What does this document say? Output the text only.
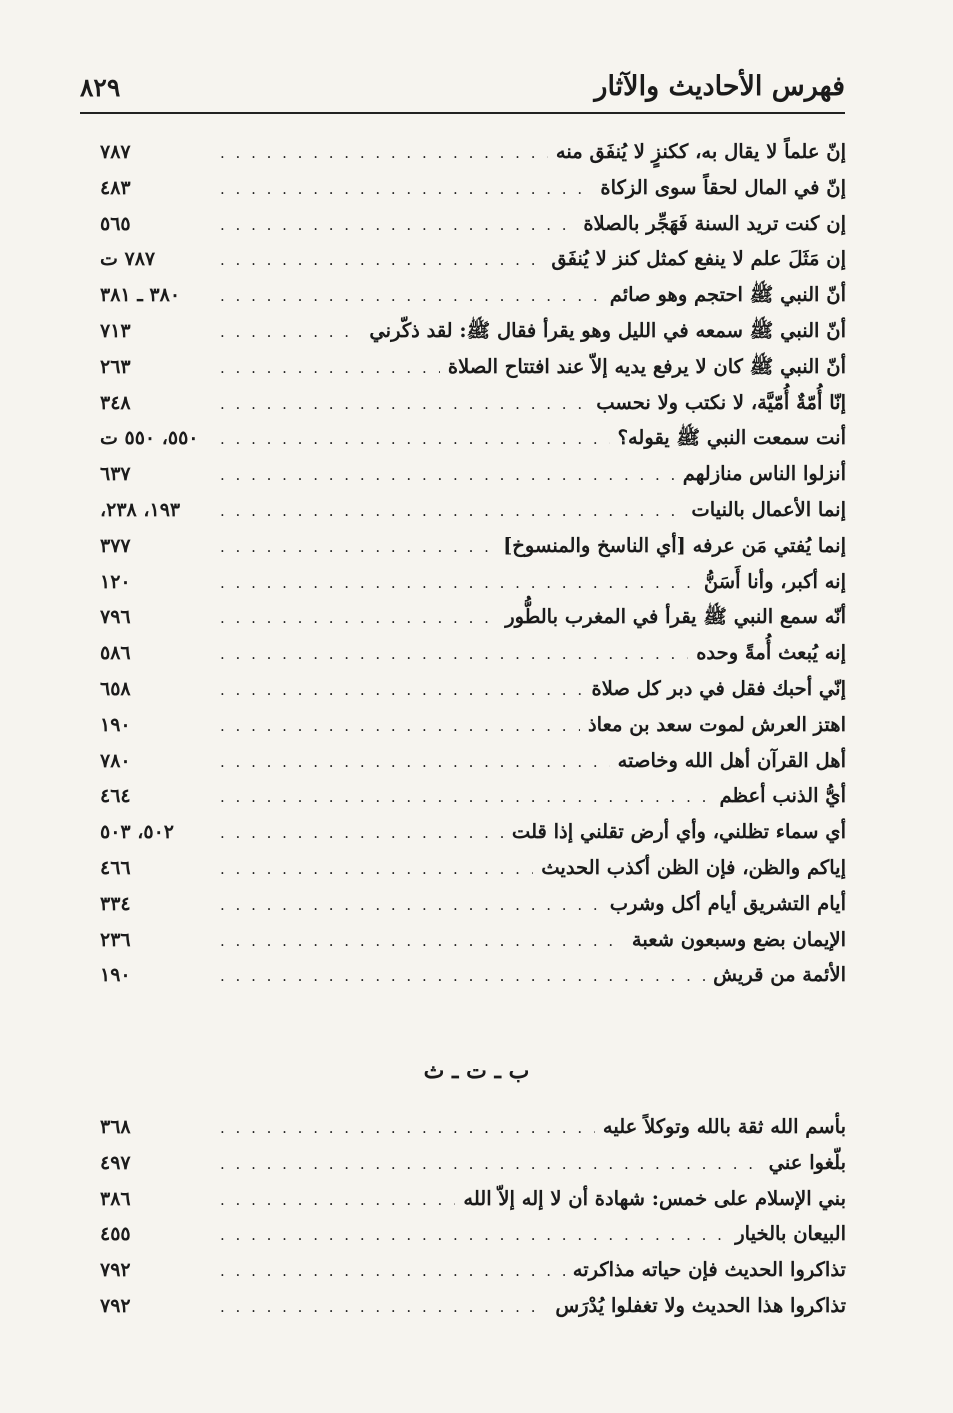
٨٢٩	فهرس الأحاديث والآثار
إنّ علماً لا يقال به، ككنزٍ لا يُنفَق منه
. . .
٧٨٧
إنّ في المال لحقاً سوى الزكاة
. . .
٤٨٣
إن كنت تريد السنة فَهَجِّر بالصلاة
. . .
٥٦٥
إن مَثَلَ علم لا ينفع كمثل كنز لا يُنفَق
. . .
٧٨٧ ت
أنّ النبي ﷺ احتجم وهو صائم
. . .
٣٨٠ ـ ٣٨١
أنّ النبي ﷺ سمعه في الليل وهو يقرأ فقال ﷺ: لقد ذكّرني
. . .
٧١٣
أنّ النبي ﷺ كان لا يرفع يديه إلاّ عند افتتاح الصلاة
. . .
٢٦٣
إنّا أُمّةٌ أُمّيَّة، لا نكتب ولا نحسب
. . .
٣٤٨
أنت سمعت النبي ﷺ يقوله؟
. . .
٥٥٠، ٥٥٠ ت
أنزلوا الناس منازلهم
. . .
٦٣٧
إنما الأعمال بالنيات
. . .
١٩٣، ٢٣٨،
إنما يُفتي مَن عرفه [أي الناسخ والمنسوخ]
. . .
٣٧٧
إنه أكبر، وأنا أَسَنُّ
. . .
١٢٠
أنّه سمع النبي ﷺ يقرأ في المغرب بالطُّور
. . .
٧٩٦
إنه يُبعث أُمةً وحده
. . .
٥٨٦
إنّي أحبك فقل في دبر كل صلاة
. . .
٦٥٨
اهتز العرش لموت سعد بن معاذ
. . .
١٩٠
أهل القرآن أهل الله وخاصته
. . .
٧٨٠
أيُّ الذنب أعظم
. . .
٤٦٤
أي سماء تظلني، وأي أرض تقلني إذا قلت
. . .
٥٠٢، ٥٠٣
إياكم والظن، فإن الظن أكذب الحديث
. . .
٤٦٦
أيام التشريق أيام أكل وشرب
. . .
٣٣٤
الإيمان بضع وسبعون شعبة
. . .
٢٣٦
الأئمة من قريش
. . .
١٩٠
ب ـ ت ـ ث
بأسم الله ثقة بالله وتوكلاً عليه
. . .
٣٦٨
بلّغوا عني
. . .
٤٩٧
بني الإسلام على خمس: شهادة أن لا إله إلاّ الله
. . .
٣٨٦
البيعان بالخيار
. . .
٤٥٥
تذاكروا الحديث فإن حياته مذاكرته
. . .
٧٩٢
تذاكروا هذا الحديث ولا تغفلوا يُدْرَس
. . .
٧٩٢
